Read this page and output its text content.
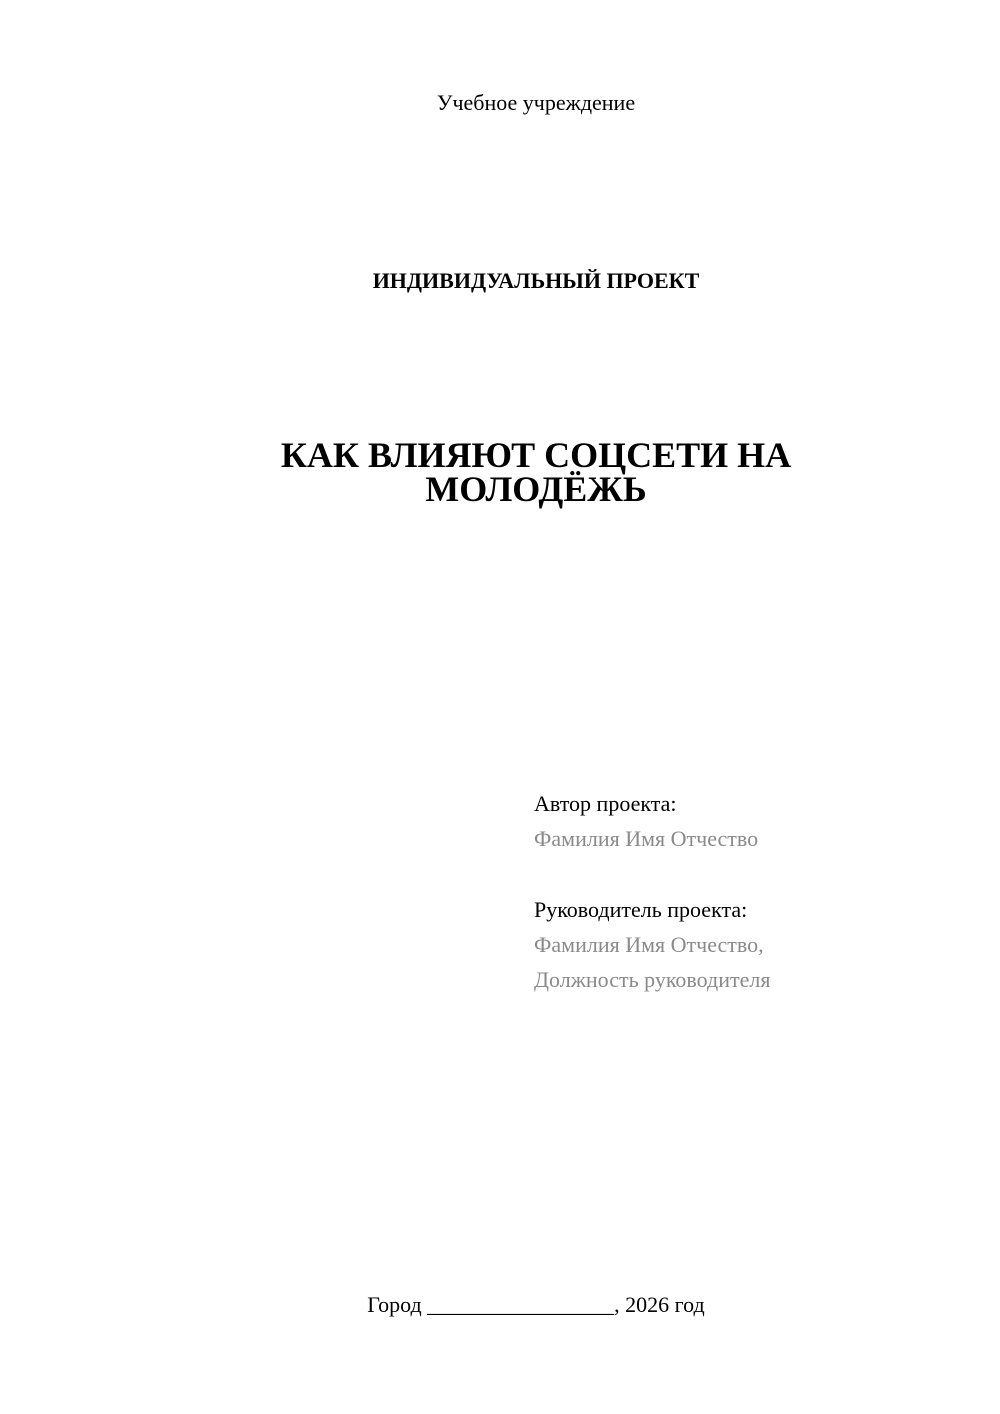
Учебное учреждение
ИНДИВИДУАЛЬНЫЙ ПРОЕКТ
КАК ВЛИЯЮТ СОЦСЕТИ НА
МОЛОДЁЖЬ
Автор проекта:
Фамилия Имя Отчество
Руководитель проекта:
Фамилия Имя Отчество,
Должность руководителя
Город _________________, 2026 год
